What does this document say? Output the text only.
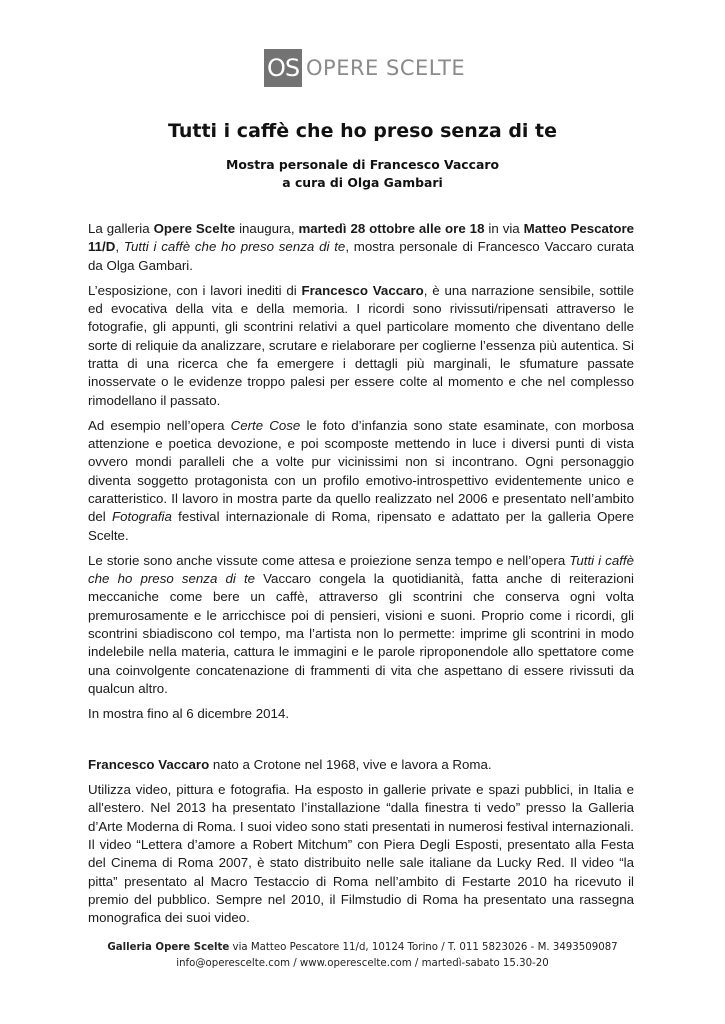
OS OPERE SCELTE
Tutti i caffè che ho preso senza di te
Mostra personale di Francesco Vaccaro
a cura di Olga Gambari

La galleria Opere Scelte inaugura, martedì 28 ottobre alle ore 18 in via Matteo Pescatore 11/D, Tutti i caffè che ho preso senza di te, mostra personale di Francesco Vaccaro curata da Olga Gambari.

L’esposizione, con i lavori inediti di Francesco Vaccaro, è una narrazione sensibile, sottile ed evocativa della vita e della memoria. I ricordi sono rivissuti/ripensati attraverso le fotografie, gli appunti, gli scontrini relativi a quel particolare momento che diventano delle sorte di reliquie da analizzare, scrutare e rielaborare per coglierne l’essenza più autentica. Si tratta di una ricerca che fa emergere i dettagli più marginali, le sfumature passate inosservate o le evidenze troppo palesi per essere colte al momento e che nel complesso rimodellano il passato.

Ad esempio nell’opera Certe Cose le foto d’infanzia sono state esaminate, con morbosa attenzione e poetica devozione, e poi scomposte mettendo in luce i diversi punti di vista ovvero mondi paralleli che a volte pur vicinissimi non si incontrano. Ogni personaggio diventa soggetto protagonista con un profilo emotivo-introspettivo evidentemente unico e caratteristico. Il lavoro in mostra parte da quello realizzato nel 2006 e presentato nell’ambito del Fotografia festival internazionale di Roma, ripensato e adattato per la galleria Opere Scelte.

Le storie sono anche vissute come attesa e proiezione senza tempo e nell’opera Tutti i caffè che ho preso senza di te Vaccaro congela la quotidianità, fatta anche di reiterazioni meccaniche come bere un caffè, attraverso gli scontrini che conserva ogni volta premurosamente e le arricchisce poi di pensieri, visioni e suoni. Proprio come i ricordi, gli scontrini sbiadiscono col tempo, ma l’artista non lo permette: imprime gli scontrini in modo indelebile nella materia, cattura le immagini e le parole riproponendole allo spettatore come una coinvolgente concatenazione di frammenti di vita che aspettano di essere rivissuti da qualcun altro.

In mostra fino al 6 dicembre 2014.

Francesco Vaccaro nato a Crotone nel 1968, vive e lavora a Roma.

Utilizza video, pittura e fotografia. Ha esposto in gallerie private e spazi pubblici, in Italia e all'estero. Nel 2013 ha presentato l’installazione “dalla finestra ti vedo” presso la Galleria d’Arte Moderna di Roma. I suoi video sono stati presentati in numerosi festival internazionali. Il video “Lettera d’amore a Robert Mitchum” con Piera Degli Esposti, presentato alla Festa del Cinema di Roma 2007, è stato distribuito nelle sale italiane da Lucky Red. Il video “la pitta” presentato al Macro Testaccio di Roma nell’ambito di Festarte 2010 ha ricevuto il premio del pubblico. Sempre nel 2010, il Filmstudio di Roma ha presentato una rassegna monografica dei suoi video.

Galleria Opere Scelte via Matteo Pescatore 11/d, 10124 Torino / T. 011 5823026 - M. 3493509087
info@operescelte.com / www.operescelte.com / martedì-sabato 15.30-20
